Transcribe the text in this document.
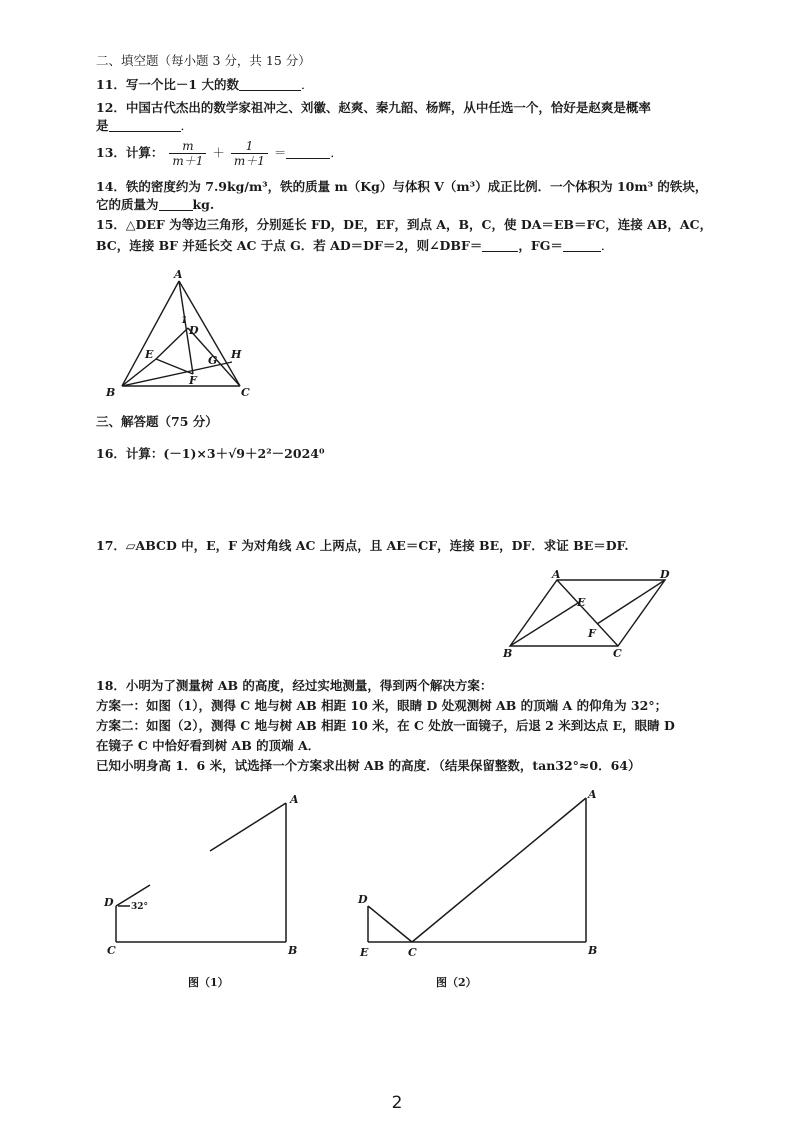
二、填空题（每小题 3 分，共 15 分）
11．写一个比－1 大的数	．
12．中国古代杰出的数学家祖冲之、刘徽、赵爽、秦九韶、杨辉，从中任选一个，恰好是赵爽是概率
是	．
13．计算： $\frac{m}{m+1} + \frac{1}{m+1}$ ＝	．
14．铁的密度约为 7.9kg/m³，铁的质量 m（Kg）与体积 V（m³）成正比例．一个体积为 10m³ 的铁块，
它的质量为	kg.
15．△DEF 为等边三角形，分别延长 FD，DE，EF，到点 A，B，C，使 DA＝EB＝FC，连接 AB，AC，
BC，连接 BF 并延长交 AC 于点 G．若 AD＝DF＝2，则∠DBF＝	，FG＝	．
A
B	C
D
E
F
G H
1
三、解答题（75 分）
16．计算：(－1)×3＋√9＋2²－2024⁰
17．▱ABCD 中，E，F 为对角线 AC 上两点，且 AE＝CF，连接 BE，DF．求证 BE＝DF.
A	D
B	C
E
F
18．小明为了测量树 AB 的高度，经过实地测量，得到两个解决方案：
方案一：如图（1），测得 C 地与树 AB 相距 10 米，眼睛 D 处观测树 AB 的顶端 A 的仰角为 32°；
方案二：如图（2），测得 C 地与树 AB 相距 10 米，在 C 处放一面镜子，后退 2 米到达点 E，眼睛 D
在镜子 C 中恰好看到树 AB 的顶端 A．
已知小明身高 1．6 米，试选择一个方案求出树 AB 的高度．（结果保留整数，tan32°≈0．64）
A
B
C
D 32°
图（1）
A
B
C
D
E
图（2）
2
